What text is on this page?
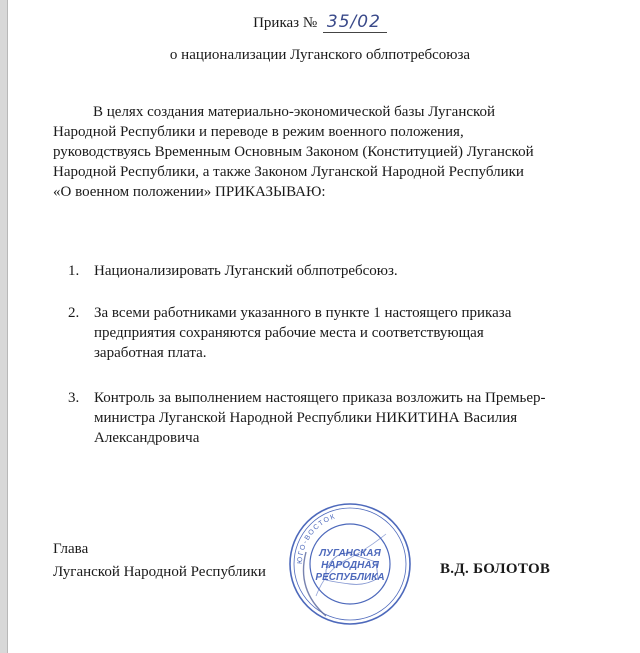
Приказ № 35/02
о национализации Луганского облпотребсоюза
В целях создания материально-экономической базы Луганской
Народной Республики и переводе в режим военного положения,
руководствуясь Временным Основным Законом (Конституцией) Луганской
Народной Республики, а также Законом Луганской Народной Республики
«О военном положении» ПРИКАЗЫВАЮ:
1. Национализировать Луганский облпотребсоюз.
2. За всеми работниками указанного в пункте 1 настоящего приказа
предприятия сохраняются рабочие места и соответствующая
заработная плата.
3. Контроль за выполнением настоящего приказа возложить на Премьер-
министра Луганской Народной Республики НИКИТИНА Василия
Александровича
Глава
Луганской Народной Республики
ЮГО-ВОСТОК
ЛУГАНСКАЯ
НАРОДНАЯ
РЕСПУБЛИКА
В.Д. БОЛОТОВ
